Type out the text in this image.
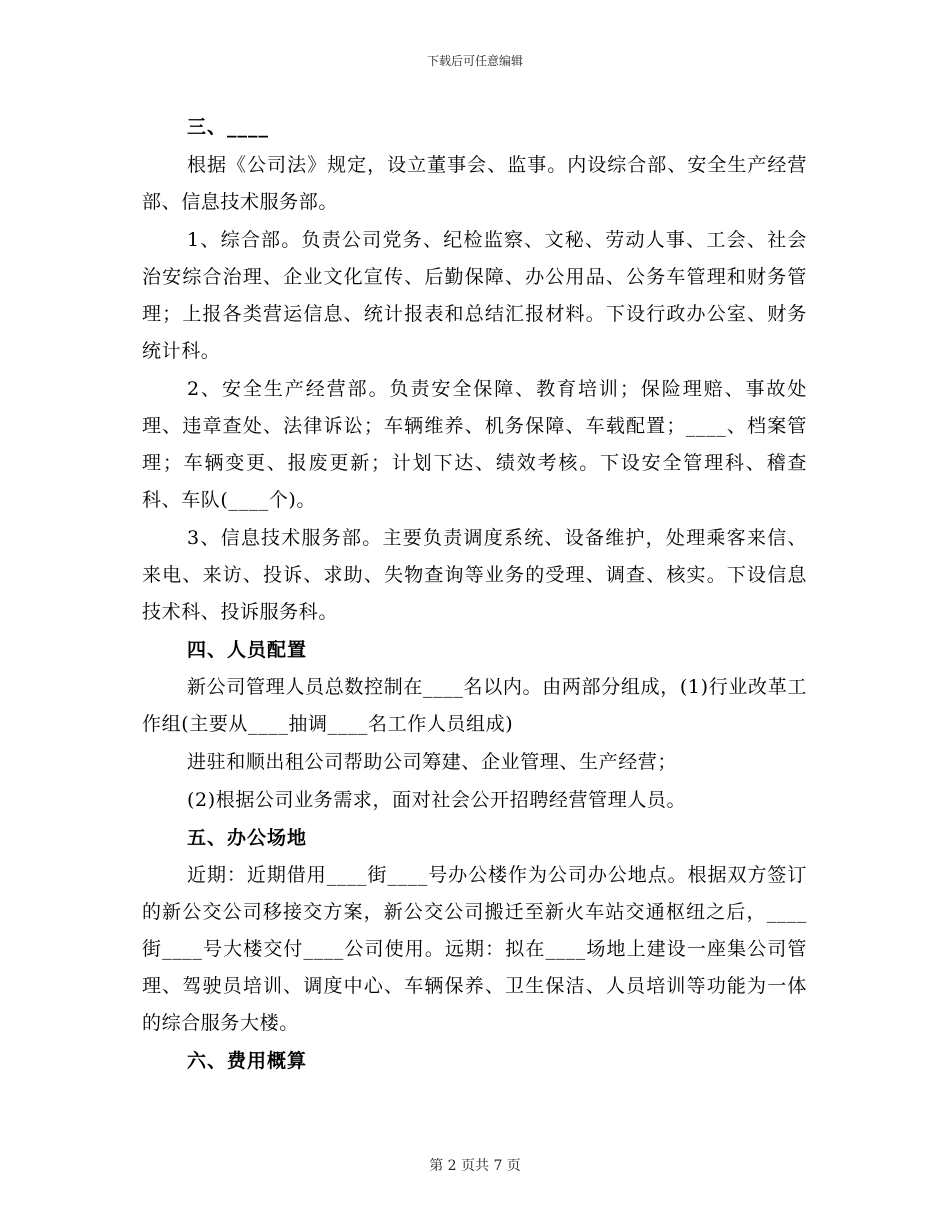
下载后可任意编辑

三、____

根据《公司法》规定，设立董事会、监事。内设综合部、安全生产经营部、信息技术服务部。

1、综合部。负责公司党务、纪检监察、文秘、劳动人事、工会、社会治安综合治理、企业文化宣传、后勤保障、办公用品、公务车管理和财务管理；上报各类营运信息、统计报表和总结汇报材料。下设行政办公室、财务统计科。

2、安全生产经营部。负责安全保障、教育培训；保险理赔、事故处理、违章查处、法律诉讼；车辆维养、机务保障、车载配置；____、档案管理；车辆变更、报废更新；计划下达、绩效考核。下设安全管理科、稽查科、车队(____个)。

3、信息技术服务部。主要负责调度系统、设备维护，处理乘客来信、来电、来访、投诉、求助、失物查询等业务的受理、调查、核实。下设信息技术科、投诉服务科。

四、人员配置

新公司管理人员总数控制在____名以内。由两部分组成，(1)行业改革工作组(主要从____抽调____名工作人员组成)

进驻和顺出租公司帮助公司筹建、企业管理、生产经营；

(2)根据公司业务需求，面对社会公开招聘经营管理人员。

五、办公场地

近期：近期借用____街____号办公楼作为公司办公地点。根据双方签订的新公交公司移接交方案，新公交公司搬迁至新火车站交通枢纽之后，____街____号大楼交付____公司使用。远期：拟在____场地上建设一座集公司管理、驾驶员培训、调度中心、车辆保养、卫生保洁、人员培训等功能为一体的综合服务大楼。

六、费用概算

第 2 页共 7 页
